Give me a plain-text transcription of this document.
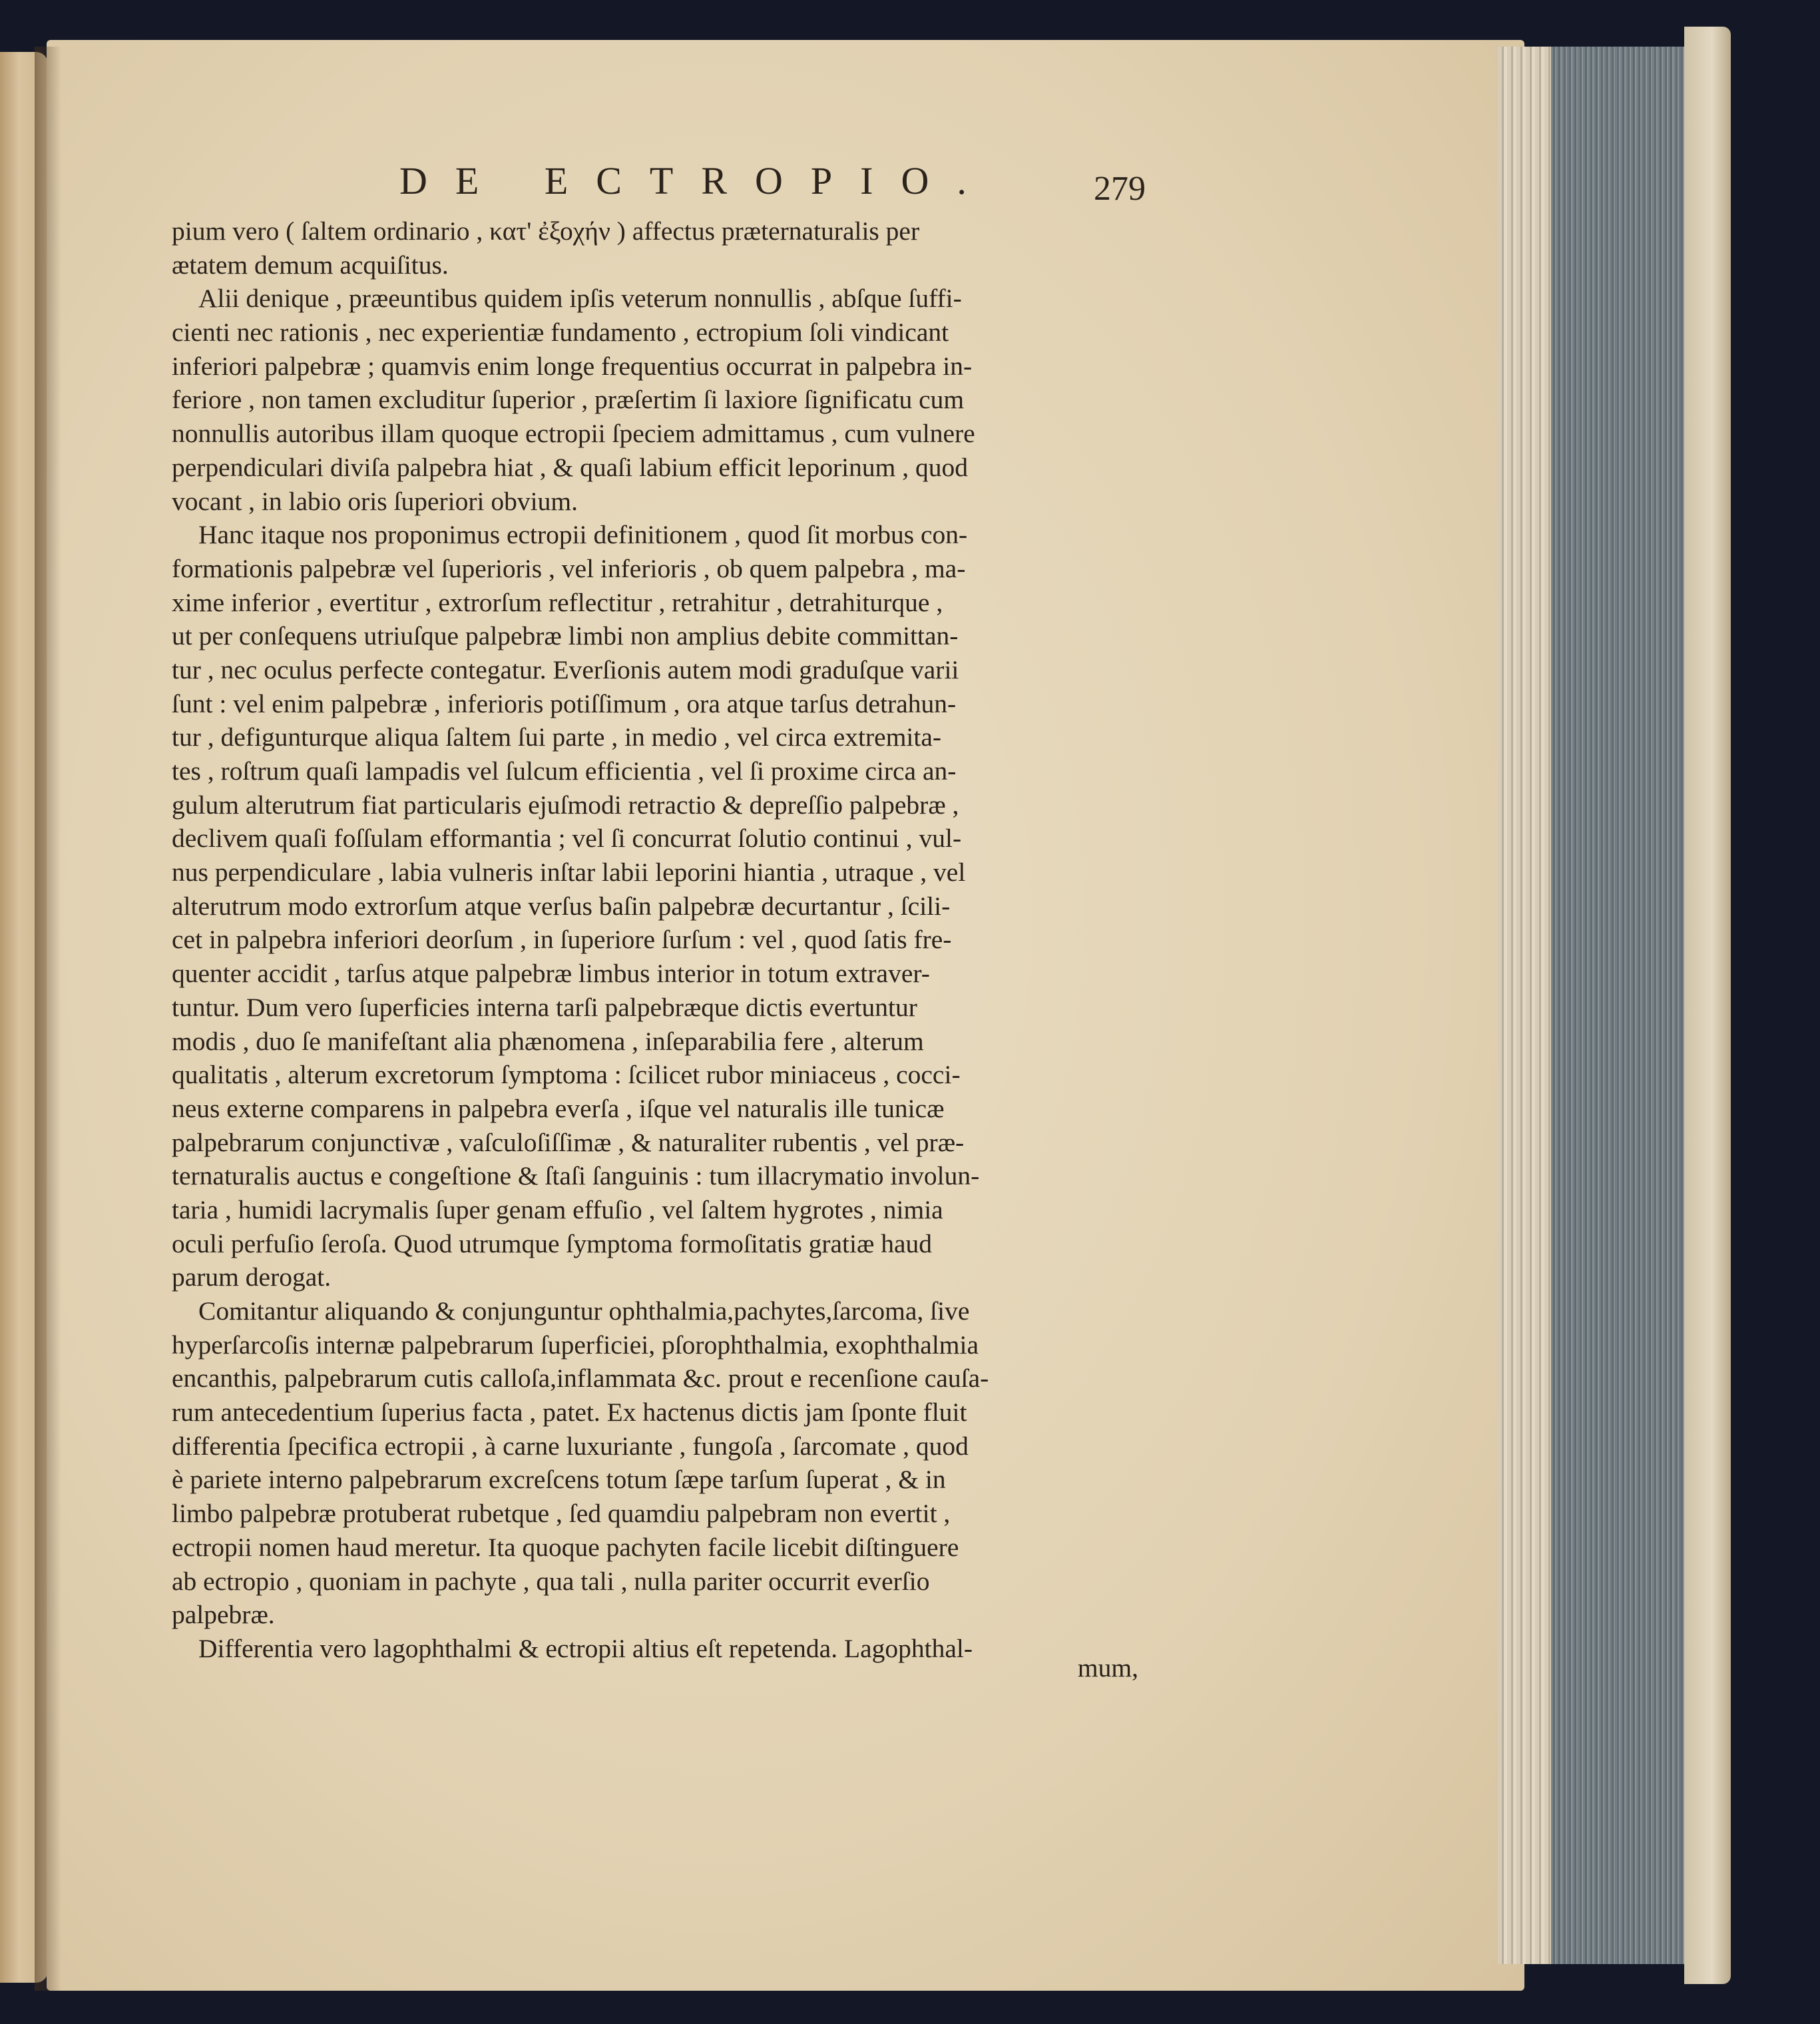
DE ECTROPIO.	279
pium vero ( ſaltem ordinario , κατ' ἐξοχήν ) affectus præternaturalis per
ætatem demum acquiſitus.
Alii denique , præeuntibus quidem ipſis veterum nonnullis , abſque ſuffi-
cienti nec rationis , nec experientiæ fundamento , ectropium ſoli vindicant
inferiori palpebræ ; quamvis enim longe frequentius occurrat in palpebra in-
feriore , non tamen excluditur ſuperior , præſertim ſi laxiore ſignificatu cum
nonnullis autoribus illam quoque ectropii ſpeciem admittamus , cum vulnere
perpendiculari diviſa palpebra hiat , & quaſi labium efficit leporinum , quod
vocant , in labio oris ſuperiori obvium.
Hanc itaque nos proponimus ectropii definitionem , quod ſit morbus con-
formationis palpebræ vel ſuperioris , vel inferioris , ob quem palpebra , ma-
xime inferior , evertitur , extrorſum reflectitur , retrahitur , detrahiturque ,
ut per conſequens utriuſque palpebræ limbi non amplius debite committan-
tur , nec oculus perfecte contegatur. Everſionis autem modi graduſque varii
ſunt : vel enim palpebræ , inferioris potiſſimum , ora atque tarſus detrahun-
tur , defigunturque aliqua ſaltem ſui parte , in medio , vel circa extremita-
tes , roſtrum quaſi lampadis vel ſulcum efficientia , vel ſi proxime circa an-
gulum alterutrum fiat particularis ejuſmodi retractio & depreſſio palpebræ ,
declivem quaſi foſſulam efformantia ; vel ſi concurrat ſolutio continui , vul-
nus perpendiculare , labia vulneris inſtar labii leporini hiantia , utraque , vel
alterutrum modo extrorſum atque verſus baſin palpebræ decurtantur , ſcili-
cet in palpebra inferiori deorſum , in ſuperiore ſurſum : vel , quod ſatis fre-
quenter accidit , tarſus atque palpebræ limbus interior in totum extraver-
tuntur. Dum vero ſuperficies interna tarſi palpebræque dictis evertuntur
modis , duo ſe manifeſtant alia phænomena , inſeparabilia fere , alterum
qualitatis , alterum excretorum ſymptoma : ſcilicet rubor miniaceus , cocci-
neus externe comparens in palpebra everſa , iſque vel naturalis ille tunicæ
palpebrarum conjunctivæ , vaſculoſiſſimæ , & naturaliter rubentis , vel præ-
ternaturalis auctus e congeſtione & ſtaſi ſanguinis : tum illacrymatio involun-
taria , humidi lacrymalis ſuper genam effuſio , vel ſaltem hygrotes , nimia
oculi perfuſio ſeroſa. Quod utrumque ſymptoma formoſitatis gratiæ haud
parum derogat.
Comitantur aliquando & conjunguntur ophthalmia,pachytes,ſarcoma, ſive
hyperſarcoſis internæ palpebrarum ſuperficiei, pſorophthalmia, exophthalmia
encanthis, palpebrarum cutis calloſa,inflammata &c. prout e recenſione cauſa-
rum antecedentium ſuperius facta , patet. Ex hactenus dictis jam ſponte fluit
differentia ſpecifica ectropii , à carne luxuriante , fungoſa , ſarcomate , quod
è pariete interno palpebrarum excreſcens totum ſæpe tarſum ſuperat , & in
limbo palpebræ protuberat rubetque , ſed quamdiu palpebram non evertit ,
ectropii nomen haud meretur. Ita quoque pachyten facile licebit diſtinguere
ab ectropio , quoniam in pachyte , qua tali , nulla pariter occurrit everſio
palpebræ.
Differentia vero lagophthalmi & ectropii altius eſt repetenda. Lagophthal-
mum,
